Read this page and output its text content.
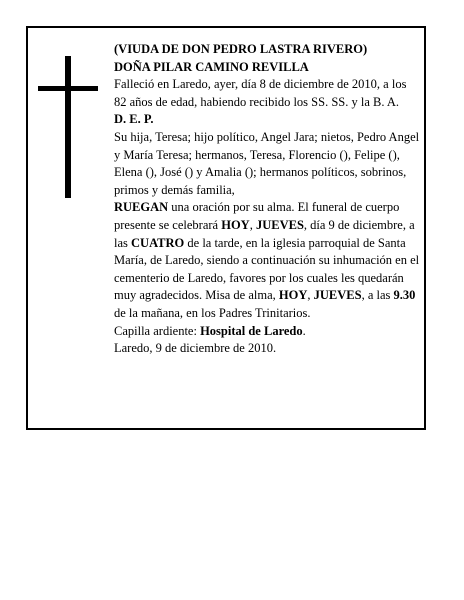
(VIUDA DE DON PEDRO LASTRA RIVERO)

DOÑA PILAR CAMINO REVILLA

Falleció en Laredo, ayer, día 8 de diciembre de 2010, a los 82 años de edad, habiendo recibido los SS. SS. y la B. A.

D. E. P.

Su hija, Teresa; hijo político, Angel Jara; nietos, Pedro Angel y María Teresa; hermanos, Teresa, Florencio (), Felipe (), Elena (), José () y Amalia (); hermanos políticos, sobrinos, primos y demás familia,

RUEGAN una oración por su alma. El funeral de cuerpo presente se celebrará HOY, JUEVES, día 9 de diciembre, a las CUATRO de la tarde, en la iglesia parroquial de Santa María, de Laredo, siendo a continuación su inhumación en el cementerio de Laredo, favores por los cuales les quedarán muy agradecidos. Misa de alma, HOY, JUEVES, a las 9.30 de la mañana, en los Padres Trinitarios.

Capilla ardiente: Hospital de Laredo.

Laredo, 9 de diciembre de 2010.
